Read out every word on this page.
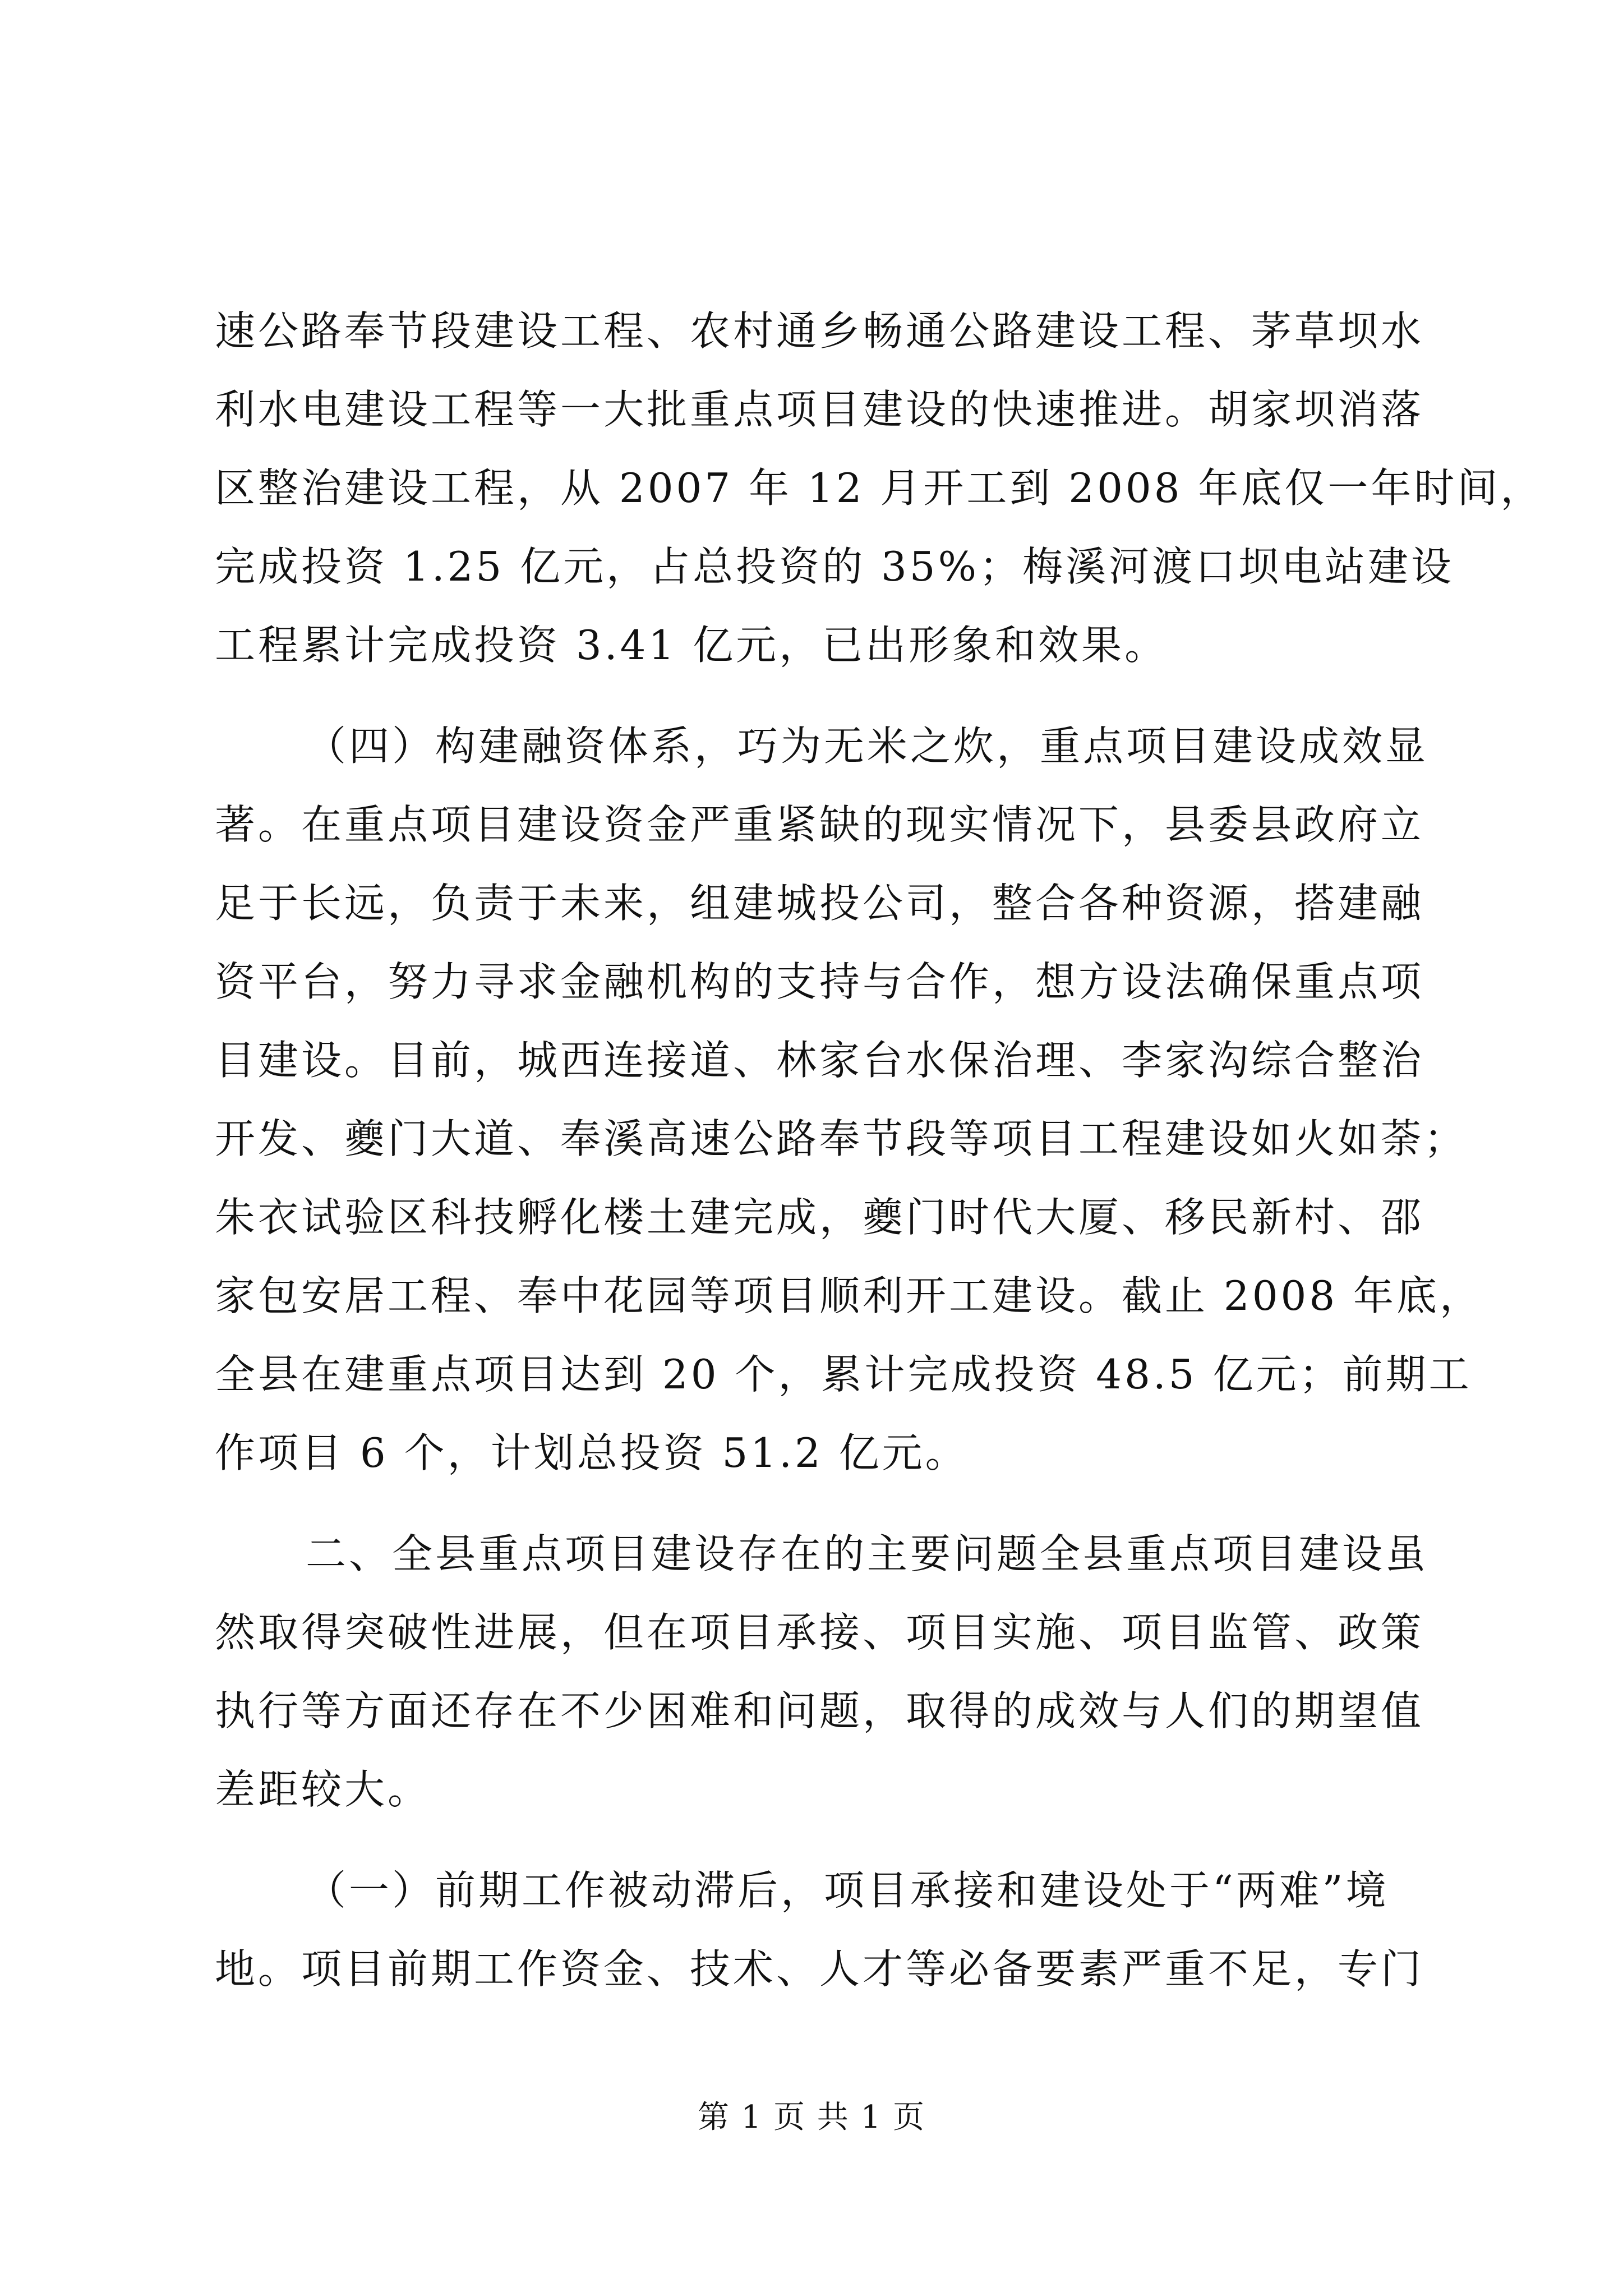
速公路奉节段建设工程、农村通乡畅通公路建设工程、茅草坝水
利水电建设工程等一大批重点项目建设的快速推进。胡家坝消落
区整治建设工程，从 2007 年 12 月开工到 2008 年底仅一年时间，
完成投资 1.25 亿元，占总投资的 35%；梅溪河渡口坝电站建设
工程累计完成投资 3.41 亿元，已出形象和效果。
（四）构建融资体系，巧为无米之炊，重点项目建设成效显
著。在重点项目建设资金严重紧缺的现实情况下，县委县政府立
足于长远，负责于未来，组建城投公司，整合各种资源，搭建融
资平台，努力寻求金融机构的支持与合作，想方设法确保重点项
目建设。目前，城西连接道、林家台水保治理、李家沟综合整治
开发、夔门大道、奉溪高速公路奉节段等项目工程建设如火如荼；
朱衣试验区科技孵化楼土建完成，夔门时代大厦、移民新村、邵
家包安居工程、奉中花园等项目顺利开工建设。截止 2008 年底，
全县在建重点项目达到 20 个，累计完成投资 48.5 亿元；前期工
作项目 6 个，计划总投资 51.2 亿元。
二、全县重点项目建设存在的主要问题全县重点项目建设虽
然取得突破性进展，但在项目承接、项目实施、项目监管、政策
执行等方面还存在不少困难和问题，取得的成效与人们的期望值
差距较大。
（一）前期工作被动滞后，项目承接和建设处于“两难”境
地。项目前期工作资金、技术、人才等必备要素严重不足，专门
第 1 页 共 1 页
